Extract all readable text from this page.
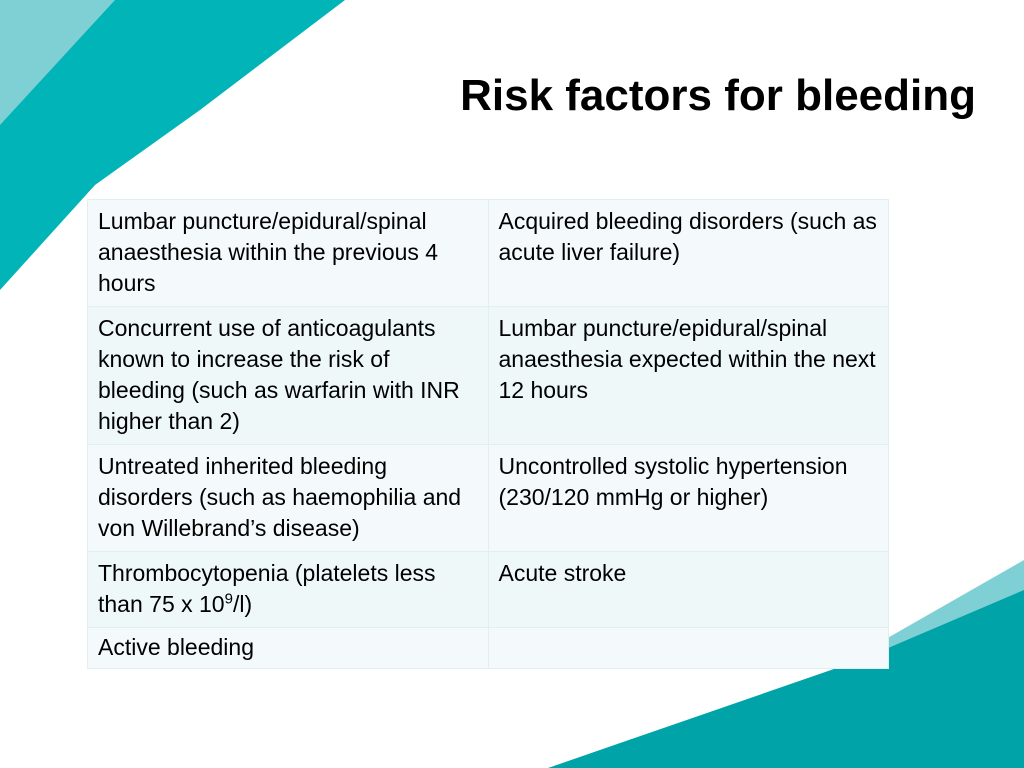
Risk factors for bleeding
Lumbar puncture/epidural/spinal anaesthesia within the previous 4 hours	Acquired bleeding disorders (such as acute liver failure)
Concurrent use of anticoagulants known to increase the risk of bleeding (such as warfarin with INR higher than 2)	Lumbar puncture/epidural/spinal anaesthesia expected within the next 12 hours
Untreated inherited bleeding disorders (such as haemophilia and von Willebrand’s disease)	Uncontrolled systolic hypertension (230/120 mmHg or higher)
Thrombocytopenia (platelets less than 75 x $10^9/l$)	Acute stroke
Active bleeding	
